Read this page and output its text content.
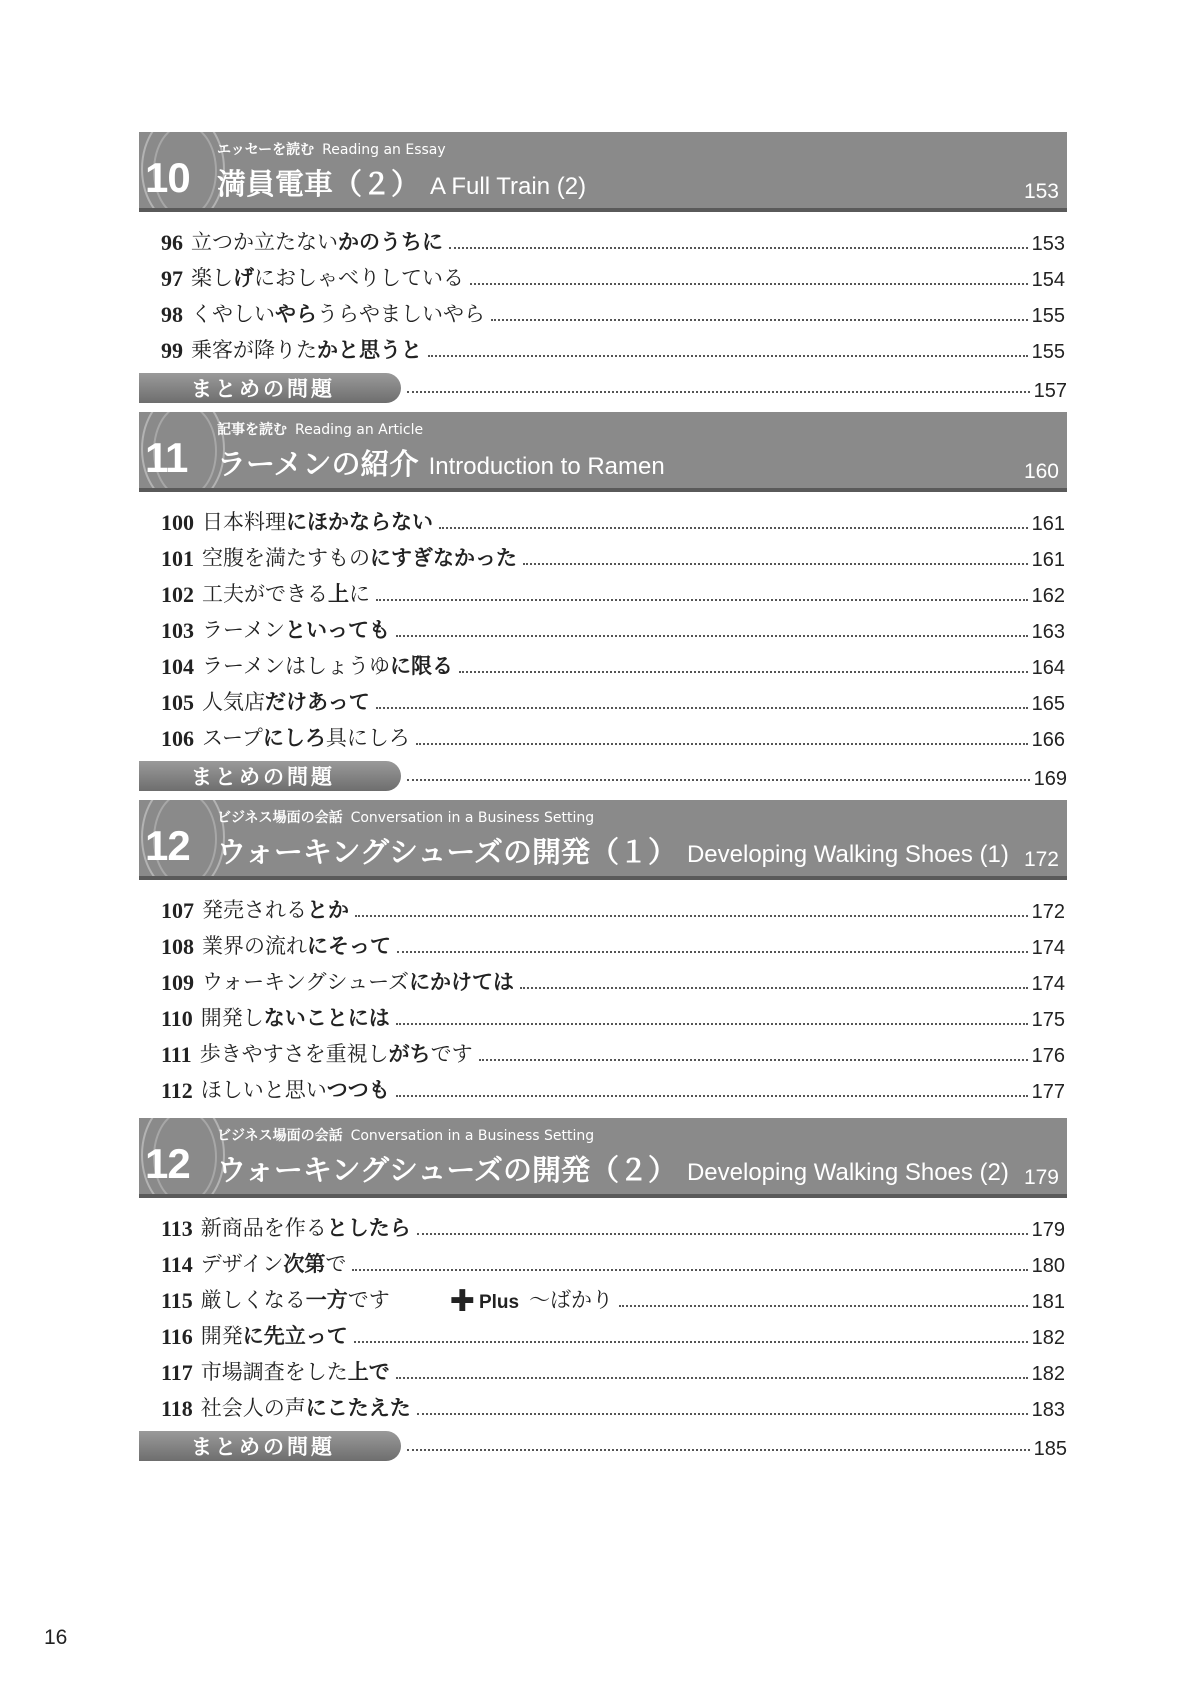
10
エッセーを読む Reading an Essay
満員電車（２） A Full Train (2)	153
96 立つか立たないかのうちに	153
97 楽しげにおしゃべりしている	154
98 くやしいやらうらやましいやら	155
99 乗客が降りたかと思うと	155
まとめの問題	157
11
記事を読む Reading an Article
ラーメンの紹介 Introduction to Ramen	160
100 日本料理にほかならない	161
101 空腹を満たすものにすぎなかった	161
102 工夫ができる上に	162
103 ラーメンといっても	163
104 ラーメンはしょうゆに限る	164
105 人気店だけあって	165
106 スープにしろ具にしろ	166
まとめの問題	169
12
ビジネス場面の会話 Conversation in a Business Setting
ウォーキングシューズの開発（１） Developing Walking Shoes (1) 172
107 発売されるとか	172
108 業界の流れにそって	174
109 ウォーキングシューズにかけては	174
110 開発しないことには	175
111 歩きやすさを重視しがちです	176
112 ほしいと思いつつも	177
12
ビジネス場面の会話 Conversation in a Business Setting
ウォーキングシューズの開発（２） Developing Walking Shoes (2) 179
113 新商品を作るとしたら	179
114 デザイン次第で	180
115 厳しくなる一方です ✚ Plus 〜ばかり	181
116 開発に先立って	182
117 市場調査をした上で	182
118 社会人の声にこたえた	183
まとめの問題	185
16
